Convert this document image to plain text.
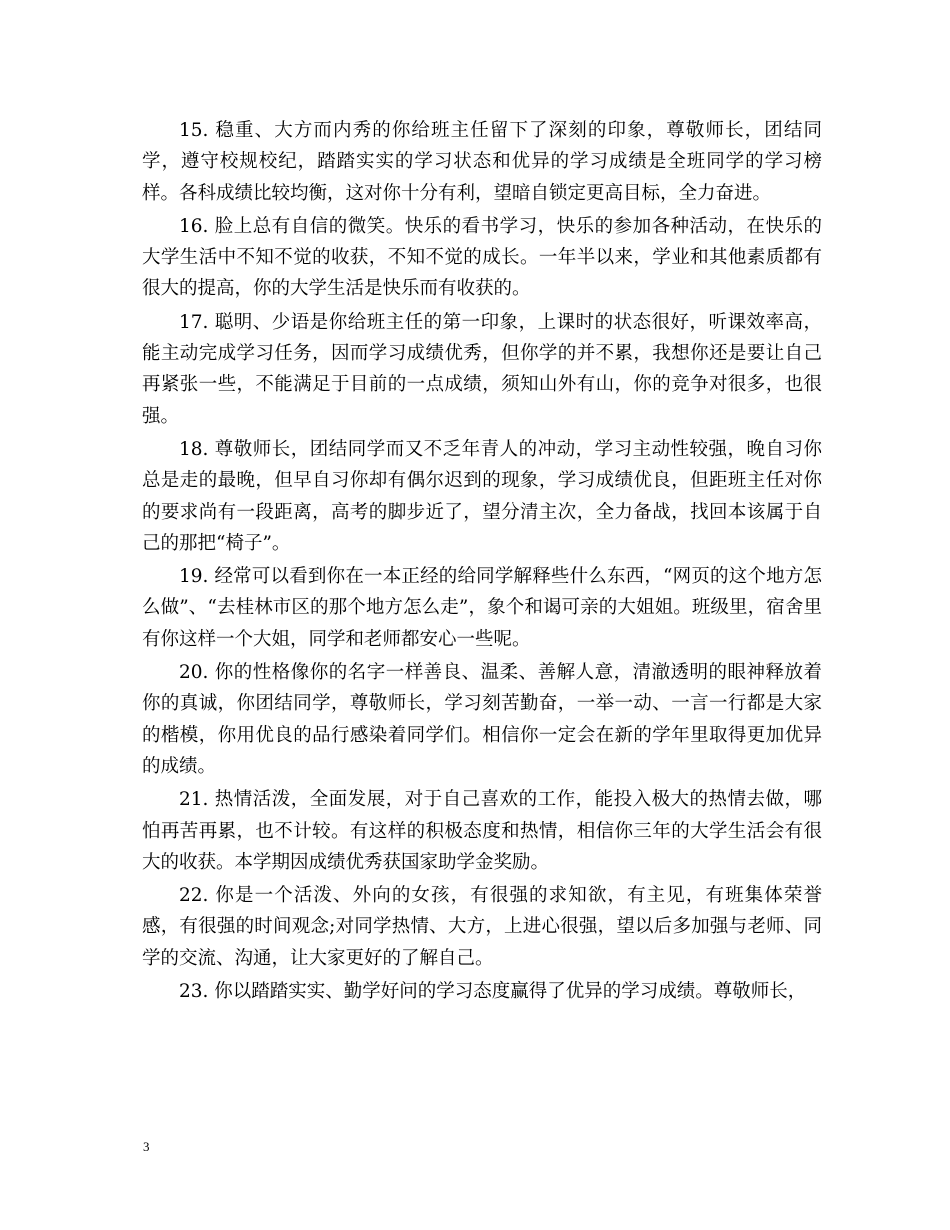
15. 稳重、大方而内秀的你给班主任留下了深刻的印象，尊敬师长，团结同学，遵守校规校纪，踏踏实实的学习状态和优异的学习成绩是全班同学的学习榜样。各科成绩比较均衡，这对你十分有利，望暗自锁定更高目标，全力奋进。

16. 脸上总有自信的微笑。快乐的看书学习，快乐的参加各种活动，在快乐的大学生活中不知不觉的收获，不知不觉的成长。一年半以来，学业和其他素质都有很大的提高，你的大学生活是快乐而有收获的。

17. 聪明、少语是你给班主任的第一印象，上课时的状态很好，听课效率高，能主动完成学习任务，因而学习成绩优秀，但你学的并不累，我想你还是要让自己再紧张一些，不能满足于目前的一点成绩，须知山外有山，你的竞争对很多，也很强。

18. 尊敬师长，团结同学而又不乏年青人的冲动，学习主动性较强，晚自习你总是走的最晚，但早自习你却有偶尔迟到的现象，学习成绩优良，但距班主任对你的要求尚有一段距离，高考的脚步近了，望分清主次，全力备战，找回本该属于自己的那把“椅子”。

19. 经常可以看到你在一本正经的给同学解释些什么东西，“网页的这个地方怎么做”、“去桂林市区的那个地方怎么走”，象个和谒可亲的大姐姐。班级里，宿舍里有你这样一个大姐，同学和老师都安心一些呢。

20. 你的性格像你的名字一样善良、温柔、善解人意，清澈透明的眼神释放着你的真诚，你团结同学，尊敬师长，学习刻苦勤奋，一举一动、一言一行都是大家的楷模，你用优良的品行感染着同学们。相信你一定会在新的学年里取得更加优异的成绩。

21. 热情活泼，全面发展，对于自己喜欢的工作，能投入极大的热情去做，哪怕再苦再累，也不计较。有这样的积极态度和热情，相信你三年的大学生活会有很大的收获。本学期因成绩优秀获国家助学金奖励。

22. 你是一个活泼、外向的女孩，有很强的求知欲，有主见，有班集体荣誉感，有很强的时间观念;对同学热情、大方，上进心很强，望以后多加强与老师、同学的交流、沟通，让大家更好的了解自己。

23. 你以踏踏实实、勤学好问的学习态度赢得了优异的学习成绩。尊敬师长，

3
